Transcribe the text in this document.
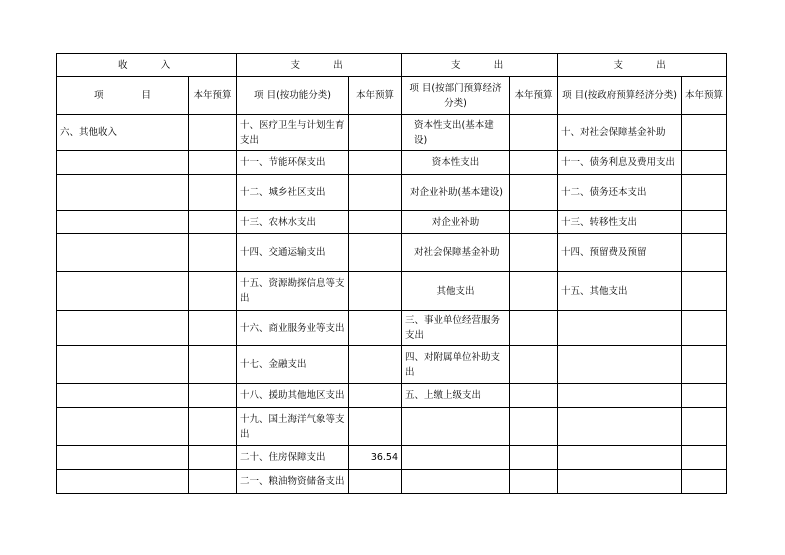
收　　入		支　　出		支　　出		支　　出	
项　　　　目	本年预算	项 目(按功能分类)	本年预算	项 目(按部门预算经济分类)	本年预算	项 目(按政府预算经济分类)	本年预算
六、其他收入		十、医疗卫生与计划生育支出		资本性支出(基本建设)		十、对社会保障基金补助	
		十一、节能环保支出		资本性支出		十一、债务利息及费用支出	
		十二、城乡社区支出		对企业补助(基本建设)		十二、债务还本支出	
		十三、农林水支出		对企业补助		十三、转移性支出	
		十四、交通运输支出		对社会保障基金补助		十四、预留费及预留	
		十五、资源勘探信息等支出		其他支出		十五、其他支出	
		十六、商业服务业等支出		三、事业单位经营服务支出			
		十七、金融支出		四、对附属单位补助支出			
		十八、援助其他地区支出		五、上缴上级支出			
		十九、国土海洋气象等支出					
		二十、住房保障支出	36.54				
		二一、粮油物资储备支出					
